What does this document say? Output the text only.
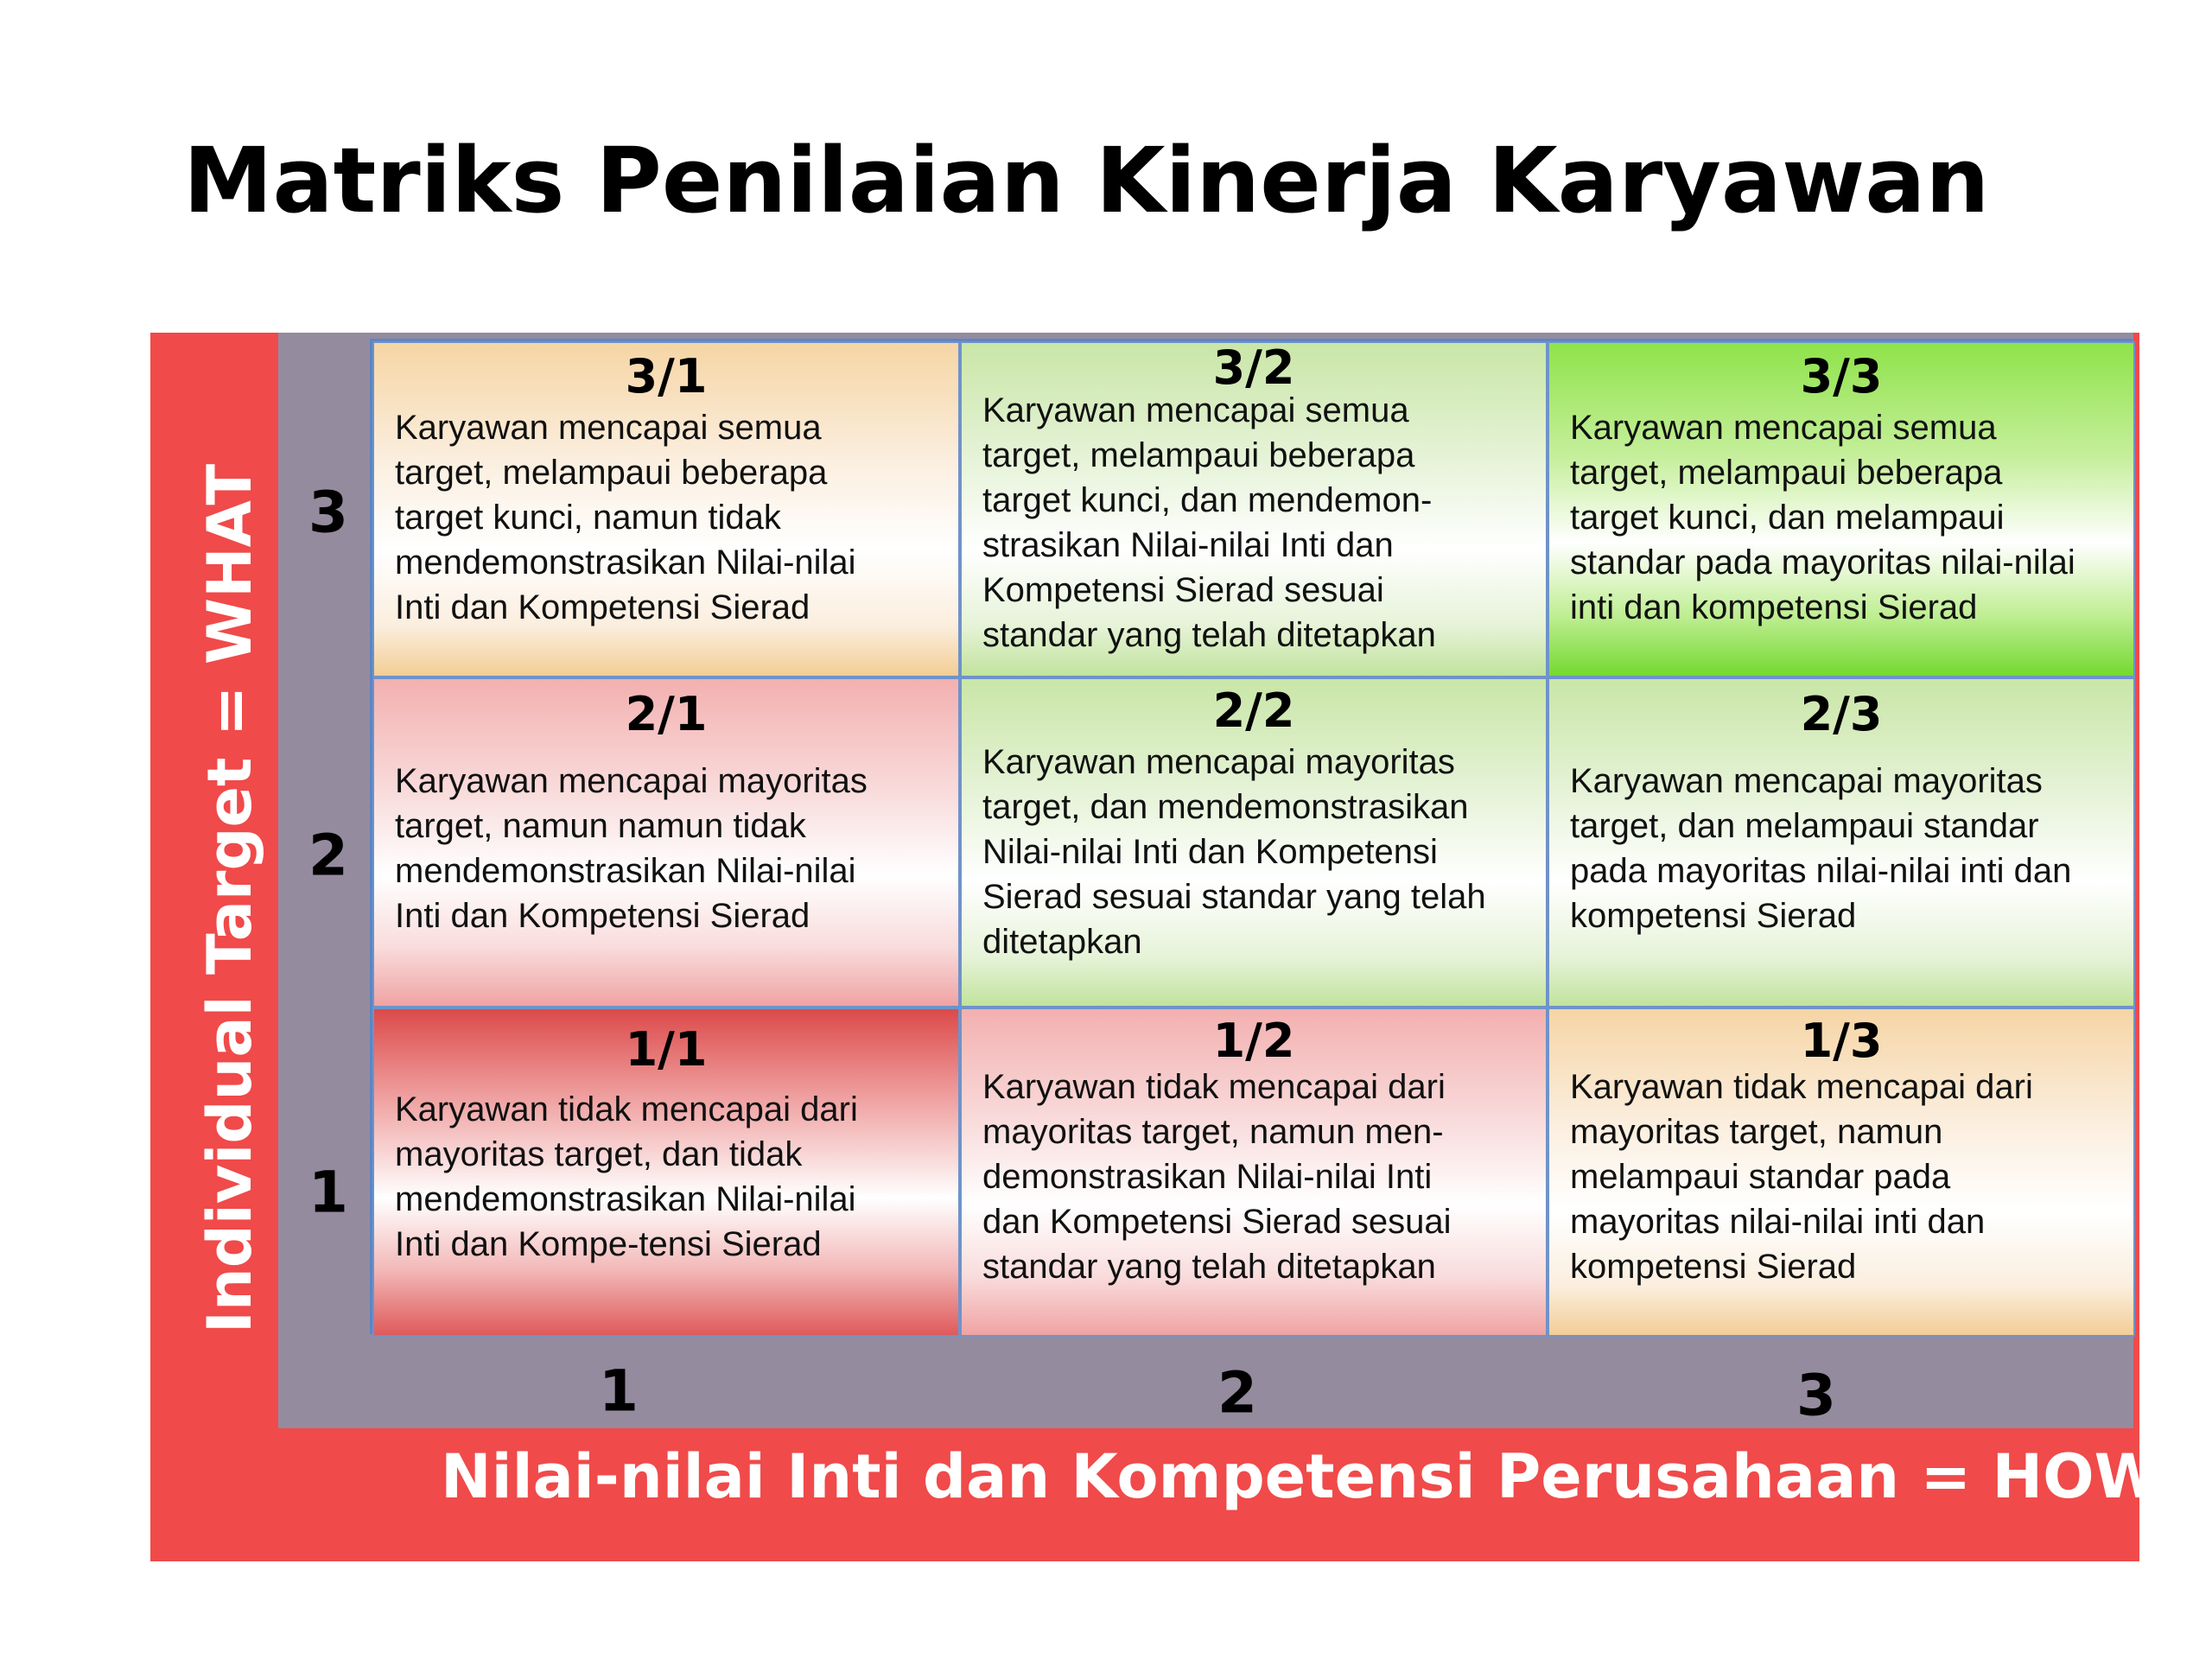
Matriks Penilaian Kinerja Karyawan
Individual Target = WHAT
Nilai-nilai Inti dan Kompetensi Perusahaan = HOW
3
2
1
1	2	3
3/1
Karyawan mencapai semua
target, melampaui beberapa
target kunci, namun tidak
mendemonstrasikan Nilai-nilai
Inti dan Kompetensi Sierad
3/2
Karyawan mencapai semua
target, melampaui beberapa
target kunci, dan mendemon-
strasikan Nilai-nilai Inti dan
Kompetensi Sierad sesuai
standar yang telah ditetapkan
3/3
Karyawan mencapai semua
target, melampaui beberapa
target kunci, dan melampaui
standar pada mayoritas nilai-nilai
inti dan kompetensi Sierad
2/1
Karyawan mencapai mayoritas
target, namun namun tidak
mendemonstrasikan Nilai-nilai
Inti dan Kompetensi Sierad
2/2
Karyawan mencapai mayoritas
target, dan mendemonstrasikan
Nilai-nilai Inti dan Kompetensi
Sierad sesuai standar yang telah
ditetapkan
2/3
Karyawan mencapai mayoritas
target, dan melampaui standar
pada mayoritas nilai-nilai inti dan
kompetensi Sierad
1/1
Karyawan tidak mencapai dari
mayoritas target, dan tidak
mendemonstrasikan Nilai-nilai
Inti dan Kompe-tensi Sierad
1/2
Karyawan tidak mencapai dari
mayoritas target, namun men-
demonstrasikan Nilai-nilai Inti
dan Kompetensi Sierad sesuai
standar yang telah ditetapkan
1/3
Karyawan tidak mencapai dari
mayoritas target, namun
melampaui standar pada
mayoritas nilai-nilai inti dan
kompetensi Sierad
